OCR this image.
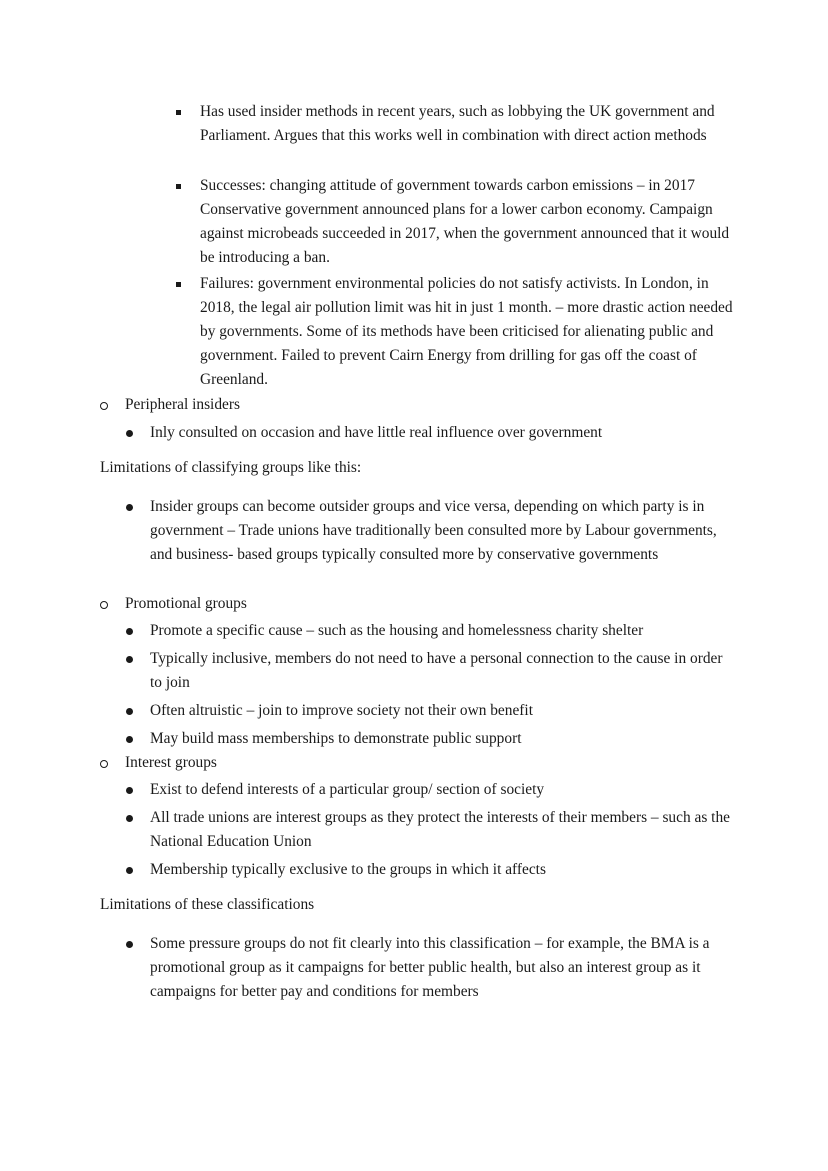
Has used insider methods in recent years, such as lobbying the UK government and Parliament. Argues that this works well in combination with direct action methods
Successes: changing attitude of government towards carbon emissions – in 2017 Conservative government announced plans for a lower carbon economy. Campaign against microbeads succeeded in 2017, when the government announced that it would be introducing a ban.
Failures: government environmental policies do not satisfy activists. In London, in 2018, the legal air pollution limit was hit in just 1 month. – more drastic action needed by governments. Some of its methods have been criticised for alienating public and government. Failed to prevent Cairn Energy from drilling for gas off the coast of Greenland.
Peripheral insiders
Inly consulted on occasion and have little real influence over government
Limitations of classifying groups like this:
Insider groups can become outsider groups and vice versa, depending on which party is in government – Trade unions have traditionally been consulted more by Labour governments, and business- based groups typically consulted more by conservative governments
Promotional groups
Promote a specific cause – such as the housing and homelessness charity shelter
Typically inclusive, members do not need to have a personal connection to the cause in order to join
Often altruistic – join to improve society not their own benefit
May build mass memberships to demonstrate public support
Interest groups
Exist to defend interests of a particular group/ section of society
All trade unions are interest groups as they protect the interests of their members – such as the National Education Union
Membership typically exclusive to the groups in which it affects
Limitations of these classifications
Some pressure groups do not fit clearly into this classification – for example, the BMA is a promotional group as it campaigns for better public health, but also an interest group as it campaigns for better pay and conditions for members
